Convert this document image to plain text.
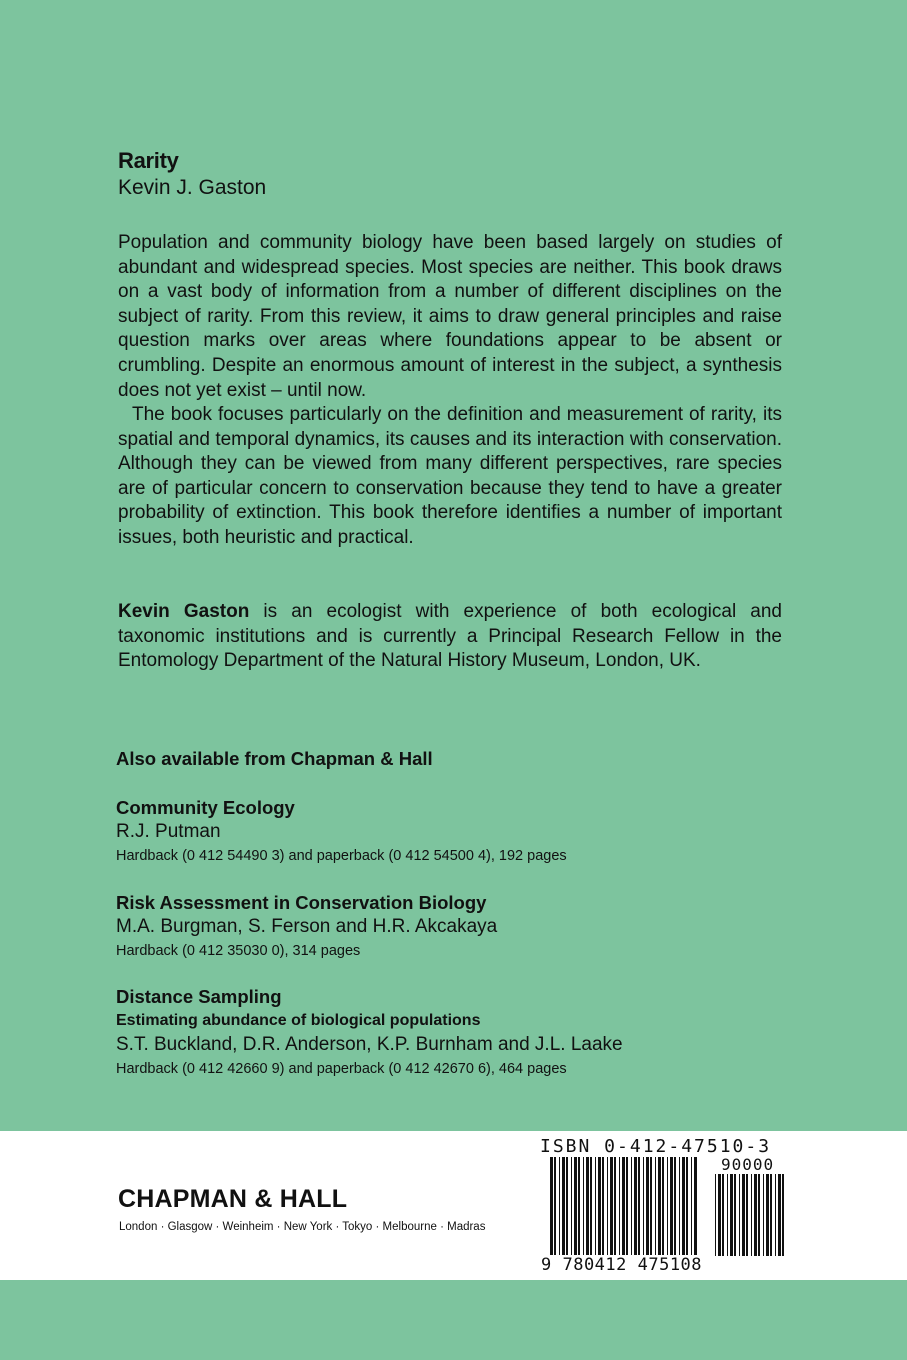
Rarity
Kevin J. Gaston

Population and community biology have been based largely on studies of abundant and widespread species. Most species are neither. This book draws on a vast body of information from a number of different disciplines on the subject of rarity. From this review, it aims to draw general principles and raise question marks over areas where foundations appear to be absent or crumbling. Despite an enormous amount of interest in the subject, a synthesis does not yet exist – until now.

The book focuses particularly on the definition and measurement of rarity, its spatial and temporal dynamics, its causes and its interaction with conservation. Although they can be viewed from many different perspectives, rare species are of particular concern to conservation because they tend to have a greater probability of extinction. This book therefore identifies a number of important issues, both heuristic and practical.

Kevin Gaston is an ecologist with experience of both ecological and taxonomic institutions and is currently a Principal Research Fellow in the Entomology Department of the Natural History Museum, London, UK.

Also available from Chapman & Hall
Community Ecology
R.J. Putman
Hardback (0 412 54490 3) and paperback (0 412 54500 4), 192 pages
Risk Assessment in Conservation Biology
M.A. Burgman, S. Ferson and H.R. Akcakaya
Hardback (0 412 35030 0), 314 pages
Distance Sampling
Estimating abundance of biological populations
S.T. Buckland, D.R. Anderson, K.P. Burnham and J.L. Laake
Hardback (0 412 42660 9) and paperback (0 412 42670 6), 464 pages
CHAPMAN & HALL
London · Glasgow · Weinheim · New York · Tokyo · Melbourne · Madras
ISBN 0-412-47510-3
90000
9 780412 475108
